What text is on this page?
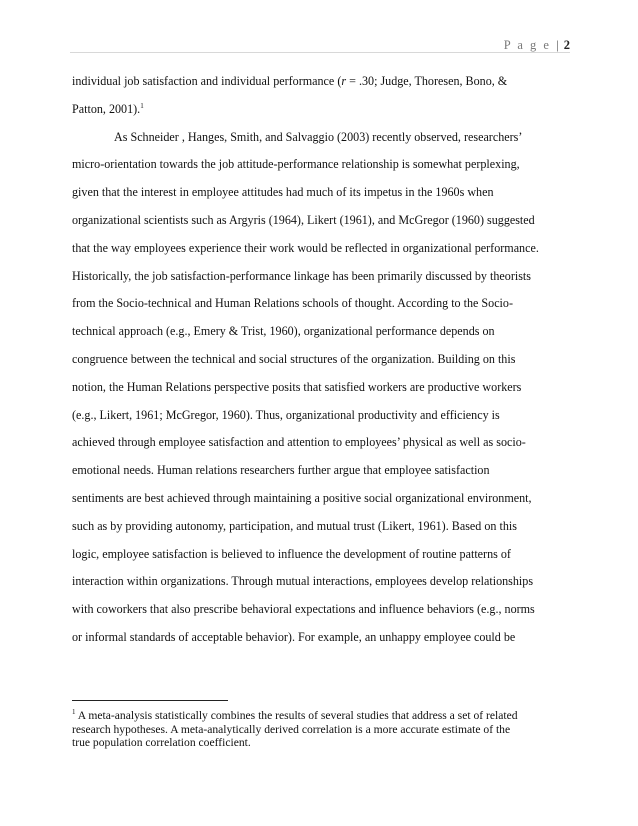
P a g e | 2
individual job satisfaction and individual performance (r = .30; Judge, Thoresen, Bono, &
Patton, 2001).$^1$
As Schneider , Hanges, Smith, and Salvaggio (2003) recently observed, researchers’
micro-orientation towards the job attitude-performance relationship is somewhat perplexing,
given that the interest in employee attitudes had much of its impetus in the 1960s when
organizational scientists such as Argyris (1964), Likert (1961), and McGregor (1960) suggested
that the way employees experience their work would be reflected in organizational performance.
Historically, the job satisfaction-performance linkage has been primarily discussed by theorists
from the Socio-technical and Human Relations schools of thought. According to the Socio-
technical approach (e.g., Emery & Trist, 1960), organizational performance depends on
congruence between the technical and social structures of the organization. Building on this
notion, the Human Relations perspective posits that satisfied workers are productive workers
(e.g., Likert, 1961; McGregor, 1960). Thus, organizational productivity and efficiency is
achieved through employee satisfaction and attention to employees’ physical as well as socio-
emotional needs. Human relations researchers further argue that employee satisfaction
sentiments are best achieved through maintaining a positive social organizational environment,
such as by providing autonomy, participation, and mutual trust (Likert, 1961). Based on this
logic, employee satisfaction is believed to influence the development of routine patterns of
interaction within organizations. Through mutual interactions, employees develop relationships
with coworkers that also prescribe behavioral expectations and influence behaviors (e.g., norms
or informal standards of acceptable behavior). For example, an unhappy employee could be
$^1$ A meta-analysis statistically combines the results of several studies that address a set of related
research hypotheses. A meta-analytically derived correlation is a more accurate estimate of the
true population correlation coefficient.
